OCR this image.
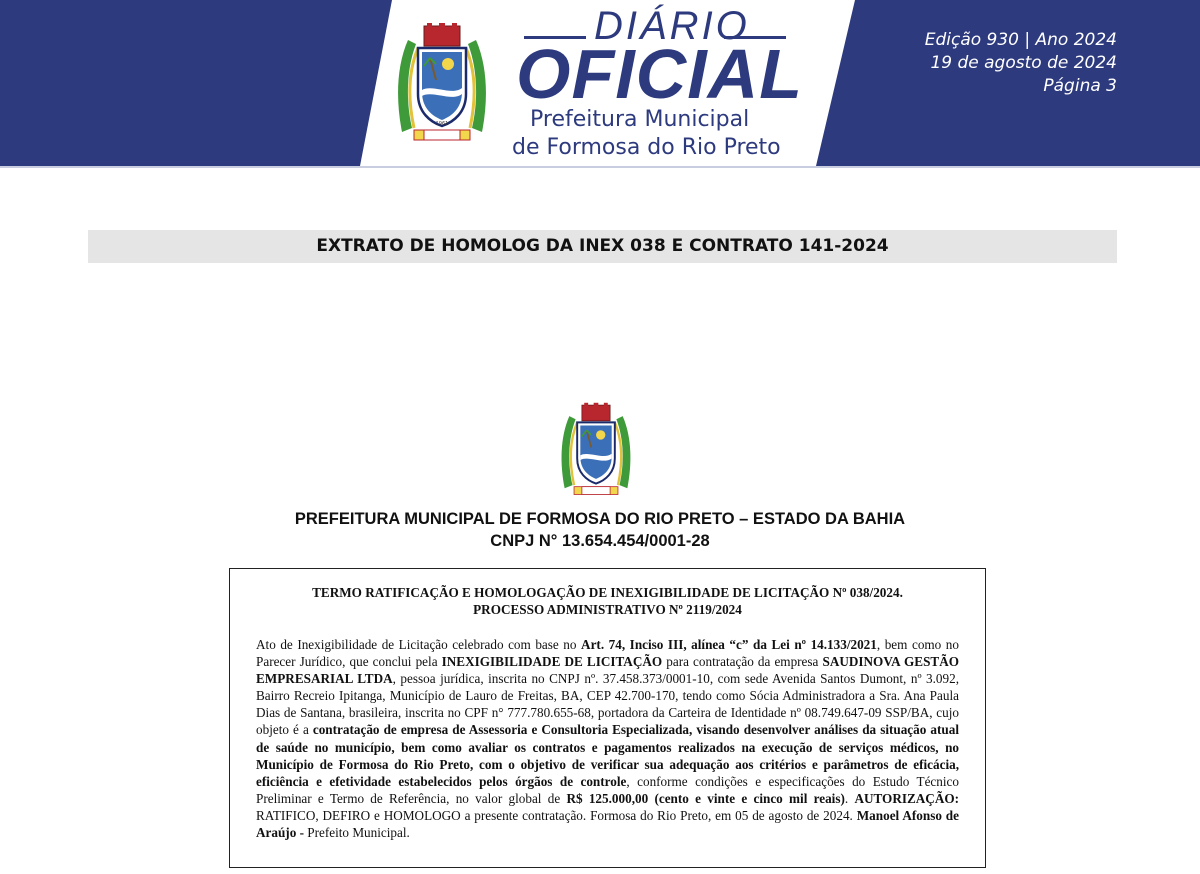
1961
DIÁRIO
OFICIAL
Prefeitura Municipal
de Formosa do Rio Preto
Edição 930 | Ano 2024
19 de agosto de 2024
Página 3
EXTRATO DE HOMOLOG DA INEX 038 E CONTRATO 141-2024
PREFEITURA MUNICIPAL DE FORMOSA DO RIO PRETO – ESTADO DA BAHIA
CNPJ N° 13.654.454/0001-28
TERMO RATIFICAÇÃO E HOMOLOGAÇÃO DE INEXIGIBILIDADE DE LICITAÇÃO Nº 038/2024.
PROCESSO ADMINISTRATIVO Nº 2119/2024
Ato de Inexigibilidade de Licitação celebrado com base no Art. 74, Inciso III, alínea “c” da Lei nº 14.133/2021, bem como no Parecer Jurídico, que conclui pela INEXIGIBILIDADE DE LICITAÇÃO para contratação da empresa SAUDINOVA GESTÃO EMPRESARIAL LTDA, pessoa jurídica, inscrita no CNPJ nº. 37.458.373/0001-10, com sede Avenida Santos Dumont, nº 3.092, Bairro Recreio Ipitanga, Município de Lauro de Freitas, BA, CEP 42.700-170, tendo como Sócia Administradora a Sra. Ana Paula Dias de Santana, brasileira, inscrita no CPF n° 777.780.655-68, portadora da Carteira de Identidade nº 08.749.647-09 SSP/BA, cujo objeto é a contratação de empresa de Assessoria e Consultoria Especializada, visando desenvolver análises da situação atual de saúde no município, bem como avaliar os contratos e pagamentos realizados na execução de serviços médicos, no Município de Formosa do Rio Preto, com o objetivo de verificar sua adequação aos critérios e parâmetros de eficácia, eficiência e efetividade estabelecidos pelos órgãos de controle, conforme condições e especificações do Estudo Técnico Preliminar e Termo de Referência, no valor global de R$ 125.000,00 (cento e vinte e cinco mil reais). AUTORIZAÇÃO: RATIFICO, DEFIRO e HOMOLOGO a presente contratação. Formosa do Rio Preto, em 05 de agosto de 2024. Manoel Afonso de Araújo - Prefeito Municipal.
